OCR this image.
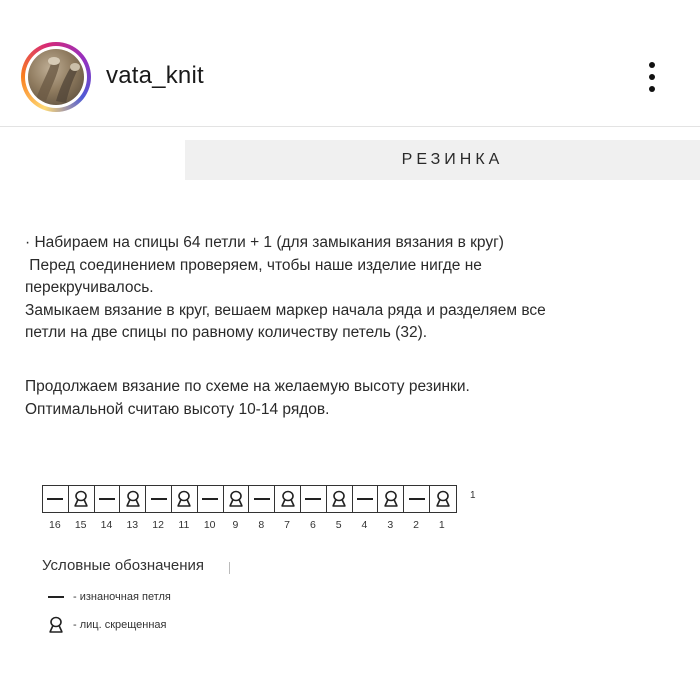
vata_knit
РЕЗИНКА
· Набираем на спицы 64 петли + 1 (для замыкания вязания в круг)
Перед соединением проверяем, чтобы наше изделие нигде не
перекручивалось.
Замыкаем вязание в круг, вешаем маркер начала ряда и разделяем все
петли на две спицы по равному количеству петель (32).
Продолжаем вязание по схеме на желаемую высоту резинки.
Оптимальной считаю высоту 10-14 рядов.
1
16	15	14	13	12	11	10	9	8	7	6	5	4	3	2	1
Условные обозначения
- изнаночная петля
- лиц. скрещенная
